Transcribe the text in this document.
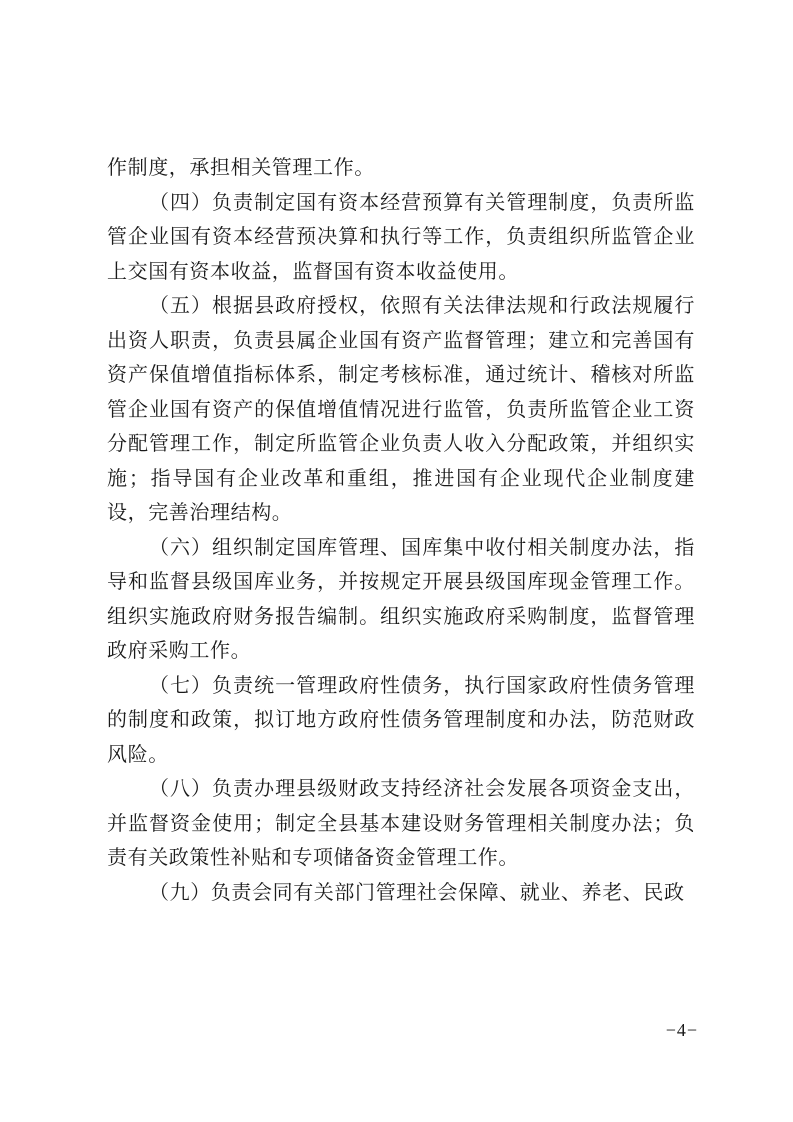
作制度，承担相关管理工作。

（四）负责制定国有资本经营预算有关管理制度，负责所监管企业国有资本经营预决算和执行等工作，负责组织所监管企业上交国有资本收益，监督国有资本收益使用。

（五）根据县政府授权，依照有关法律法规和行政法规履行出资人职责，负责县属企业国有资产监督管理；建立和完善国有资产保值增值指标体系，制定考核标准，通过统计、稽核对所监管企业国有资产的保值增值情况进行监管，负责所监管企业工资分配管理工作，制定所监管企业负责人收入分配政策，并组织实施；指导国有企业改革和重组，推进国有企业现代企业制度建设，完善治理结构。

（六）组织制定国库管理、国库集中收付相关制度办法，指导和监督县级国库业务，并按规定开展县级国库现金管理工作。组织实施政府财务报告编制。组织实施政府采购制度，监督管理政府采购工作。

（七）负责统一管理政府性债务，执行国家政府性债务管理的制度和政策，拟订地方政府性债务管理制度和办法，防范财政风险。

（八）负责办理县级财政支持经济社会发展各项资金支出，并监督资金使用；制定全县基本建设财务管理相关制度办法；负责有关政策性补贴和专项储备资金管理工作。

（九）负责会同有关部门管理社会保障、就业、养老、民政

−4−
